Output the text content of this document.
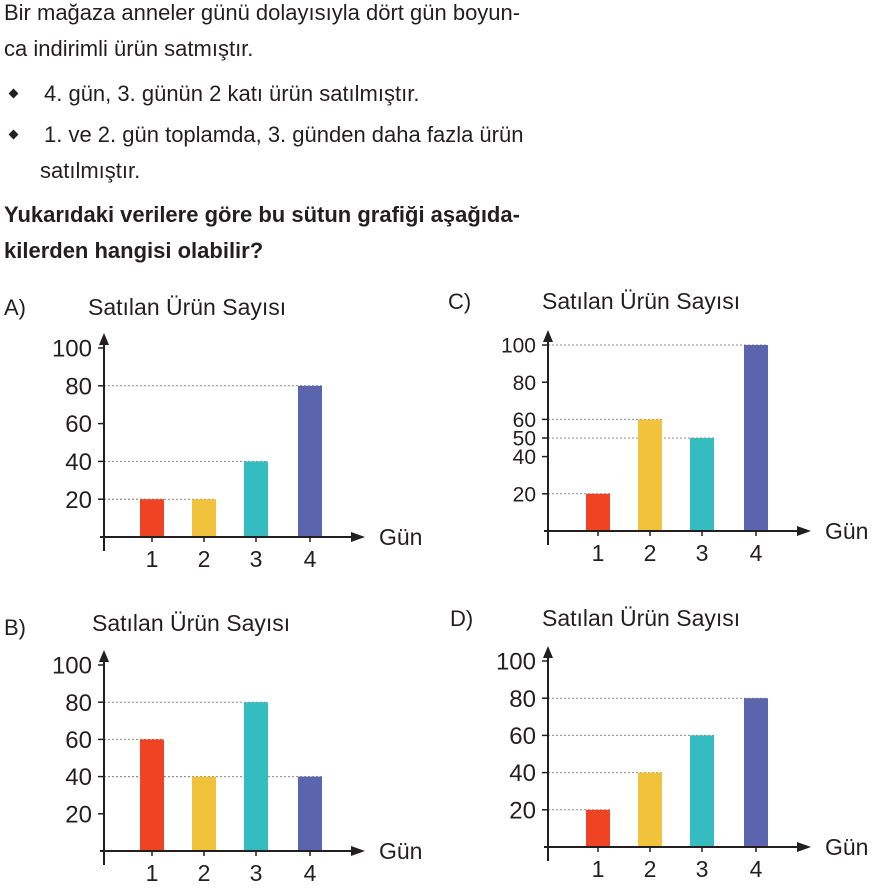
Bir mağaza anneler günü dolayısıyla dört gün boyun-
ca indirimli ürün satmıştır.
4. gün, 3. günün 2 katı ürün satılmıştır.
1. ve 2. gün toplamda, 3. günden daha fazla ürün
satılmıştır.
Yukarıdaki verilere göre bu sütun grafiği aşağıda-
kilerden hangisi olabilir?
A)	Satılan Ürün Sayısı
Gün
20
40
60
80
100
1 2 3 4
C)	Satılan Ürün Sayısı
Gün
20
40
50
60
80
100
1 2 3 4
B)	Satılan Ürün Sayısı
Gün
20
40
60
80
100
1 2 3 4
D)	Satılan Ürün Sayısı
Gün
20
40
60
80
100
1 2 3 4
